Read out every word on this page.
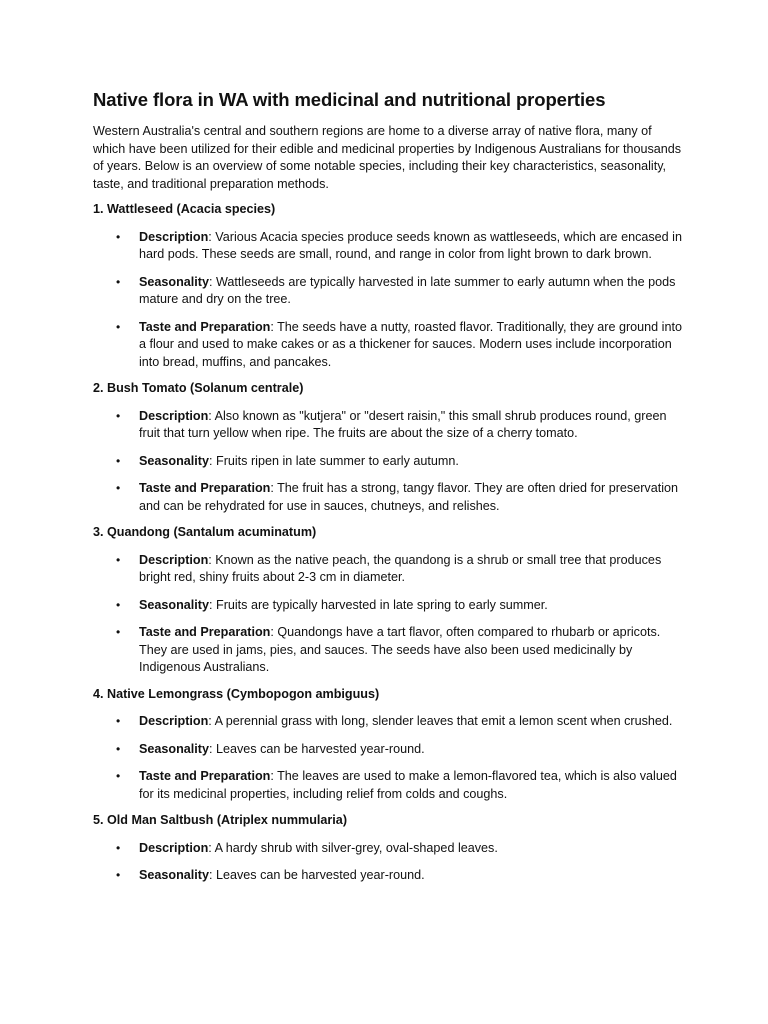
Native flora in WA with medicinal and nutritional properties

Western Australia's central and southern regions are home to a diverse array of native flora, many of which have been utilized for their edible and medicinal properties by Indigenous Australians for thousands of years. Below is an overview of some notable species, including their key characteristics, seasonality, taste, and traditional preparation methods.

1. Wattleseed (Acacia species)
• Description: Various Acacia species produce seeds known as wattleseeds, which are encased in hard pods. These seeds are small, round, and range in color from light brown to dark brown.
• Seasonality: Wattleseeds are typically harvested in late summer to early autumn when the pods mature and dry on the tree.
• Taste and Preparation: The seeds have a nutty, roasted flavor. Traditionally, they are ground into a flour and used to make cakes or as a thickener for sauces. Modern uses include incorporation into bread, muffins, and pancakes.
2. Bush Tomato (Solanum centrale)
• Description: Also known as "kutjera" or "desert raisin," this small shrub produces round, green fruit that turn yellow when ripe. The fruits are about the size of a cherry tomato.
• Seasonality: Fruits ripen in late summer to early autumn.
• Taste and Preparation: The fruit has a strong, tangy flavor. They are often dried for preservation and can be rehydrated for use in sauces, chutneys, and relishes.
3. Quandong (Santalum acuminatum)
• Description: Known as the native peach, the quandong is a shrub or small tree that produces bright red, shiny fruits about 2-3 cm in diameter.
• Seasonality: Fruits are typically harvested in late spring to early summer.
• Taste and Preparation: Quandongs have a tart flavor, often compared to rhubarb or apricots. They are used in jams, pies, and sauces. The seeds have also been used medicinally by Indigenous Australians.
4. Native Lemongrass (Cymbopogon ambiguus)
• Description: A perennial grass with long, slender leaves that emit a lemon scent when crushed.
• Seasonality: Leaves can be harvested year-round.
• Taste and Preparation: The leaves are used to make a lemon-flavored tea, which is also valued for its medicinal properties, including relief from colds and coughs.
5. Old Man Saltbush (Atriplex nummularia)
• Description: A hardy shrub with silver-grey, oval-shaped leaves.
• Seasonality: Leaves can be harvested year-round.
